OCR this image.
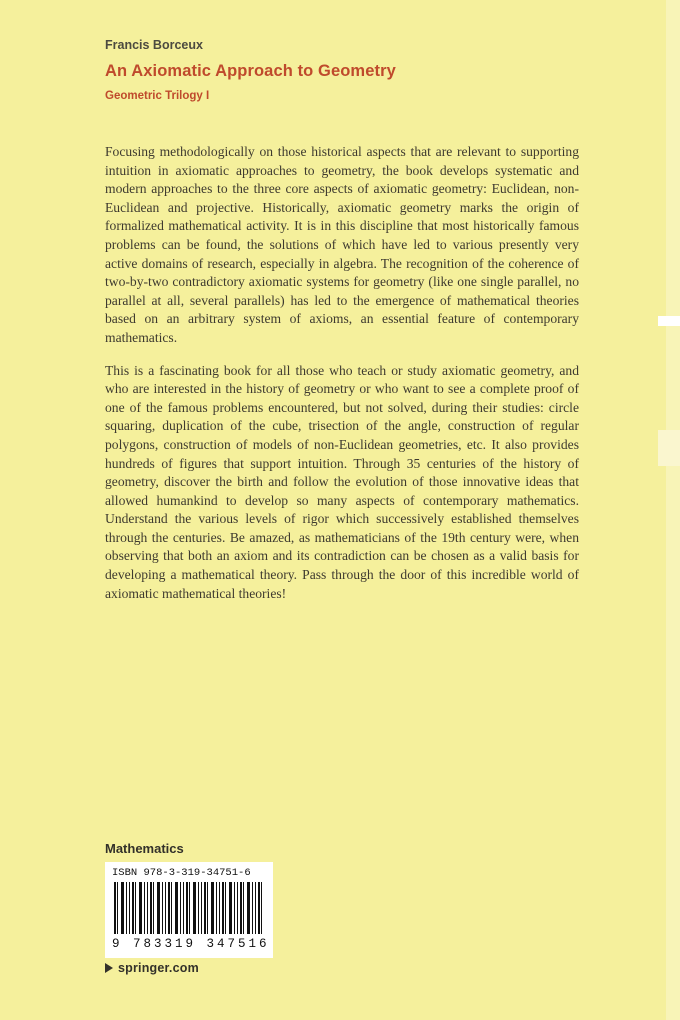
Francis Borceux

An Axiomatic Approach to Geometry

Geometric Trilogy I

Focusing methodologically on those historical aspects that are relevant to supporting intuition in axiomatic approaches to geometry, the book develops systematic and modern approaches to the three core aspects of axiomatic geometry: Euclidean, non-Euclidean and projective. Historically, axiomatic geometry marks the origin of formalized mathematical activity. It is in this discipline that most historically famous problems can be found, the solutions of which have led to various presently very active domains of research, especially in algebra. The recognition of the coherence of two-by-two contradictory axiomatic systems for geometry (like one single parallel, no parallel at all, several parallels) has led to the emergence of mathematical theories based on an arbitrary system of axioms, an essential feature of contemporary mathematics.

This is a fascinating book for all those who teach or study axiomatic geometry, and who are interested in the history of geometry or who want to see a complete proof of one of the famous problems encountered, but not solved, during their studies: circle squaring, duplication of the cube, trisection of the angle, construction of regular polygons, construction of models of non-Euclidean geometries, etc. It also provides hundreds of figures that support intuition. Through 35 centuries of the history of geometry, discover the birth and follow the evolution of those innovative ideas that allowed humankind to develop so many aspects of contemporary mathematics. Understand the various levels of rigor which successively established themselves through the centuries. Be amazed, as mathematicians of the 19th century were, when observing that both an axiom and its contradiction can be chosen as a valid basis for developing a mathematical theory. Pass through the door of this incredible world of axiomatic mathematical theories!

Mathematics
ISBN 978-3-319-34751-6
9 783319 347516
springer.com
